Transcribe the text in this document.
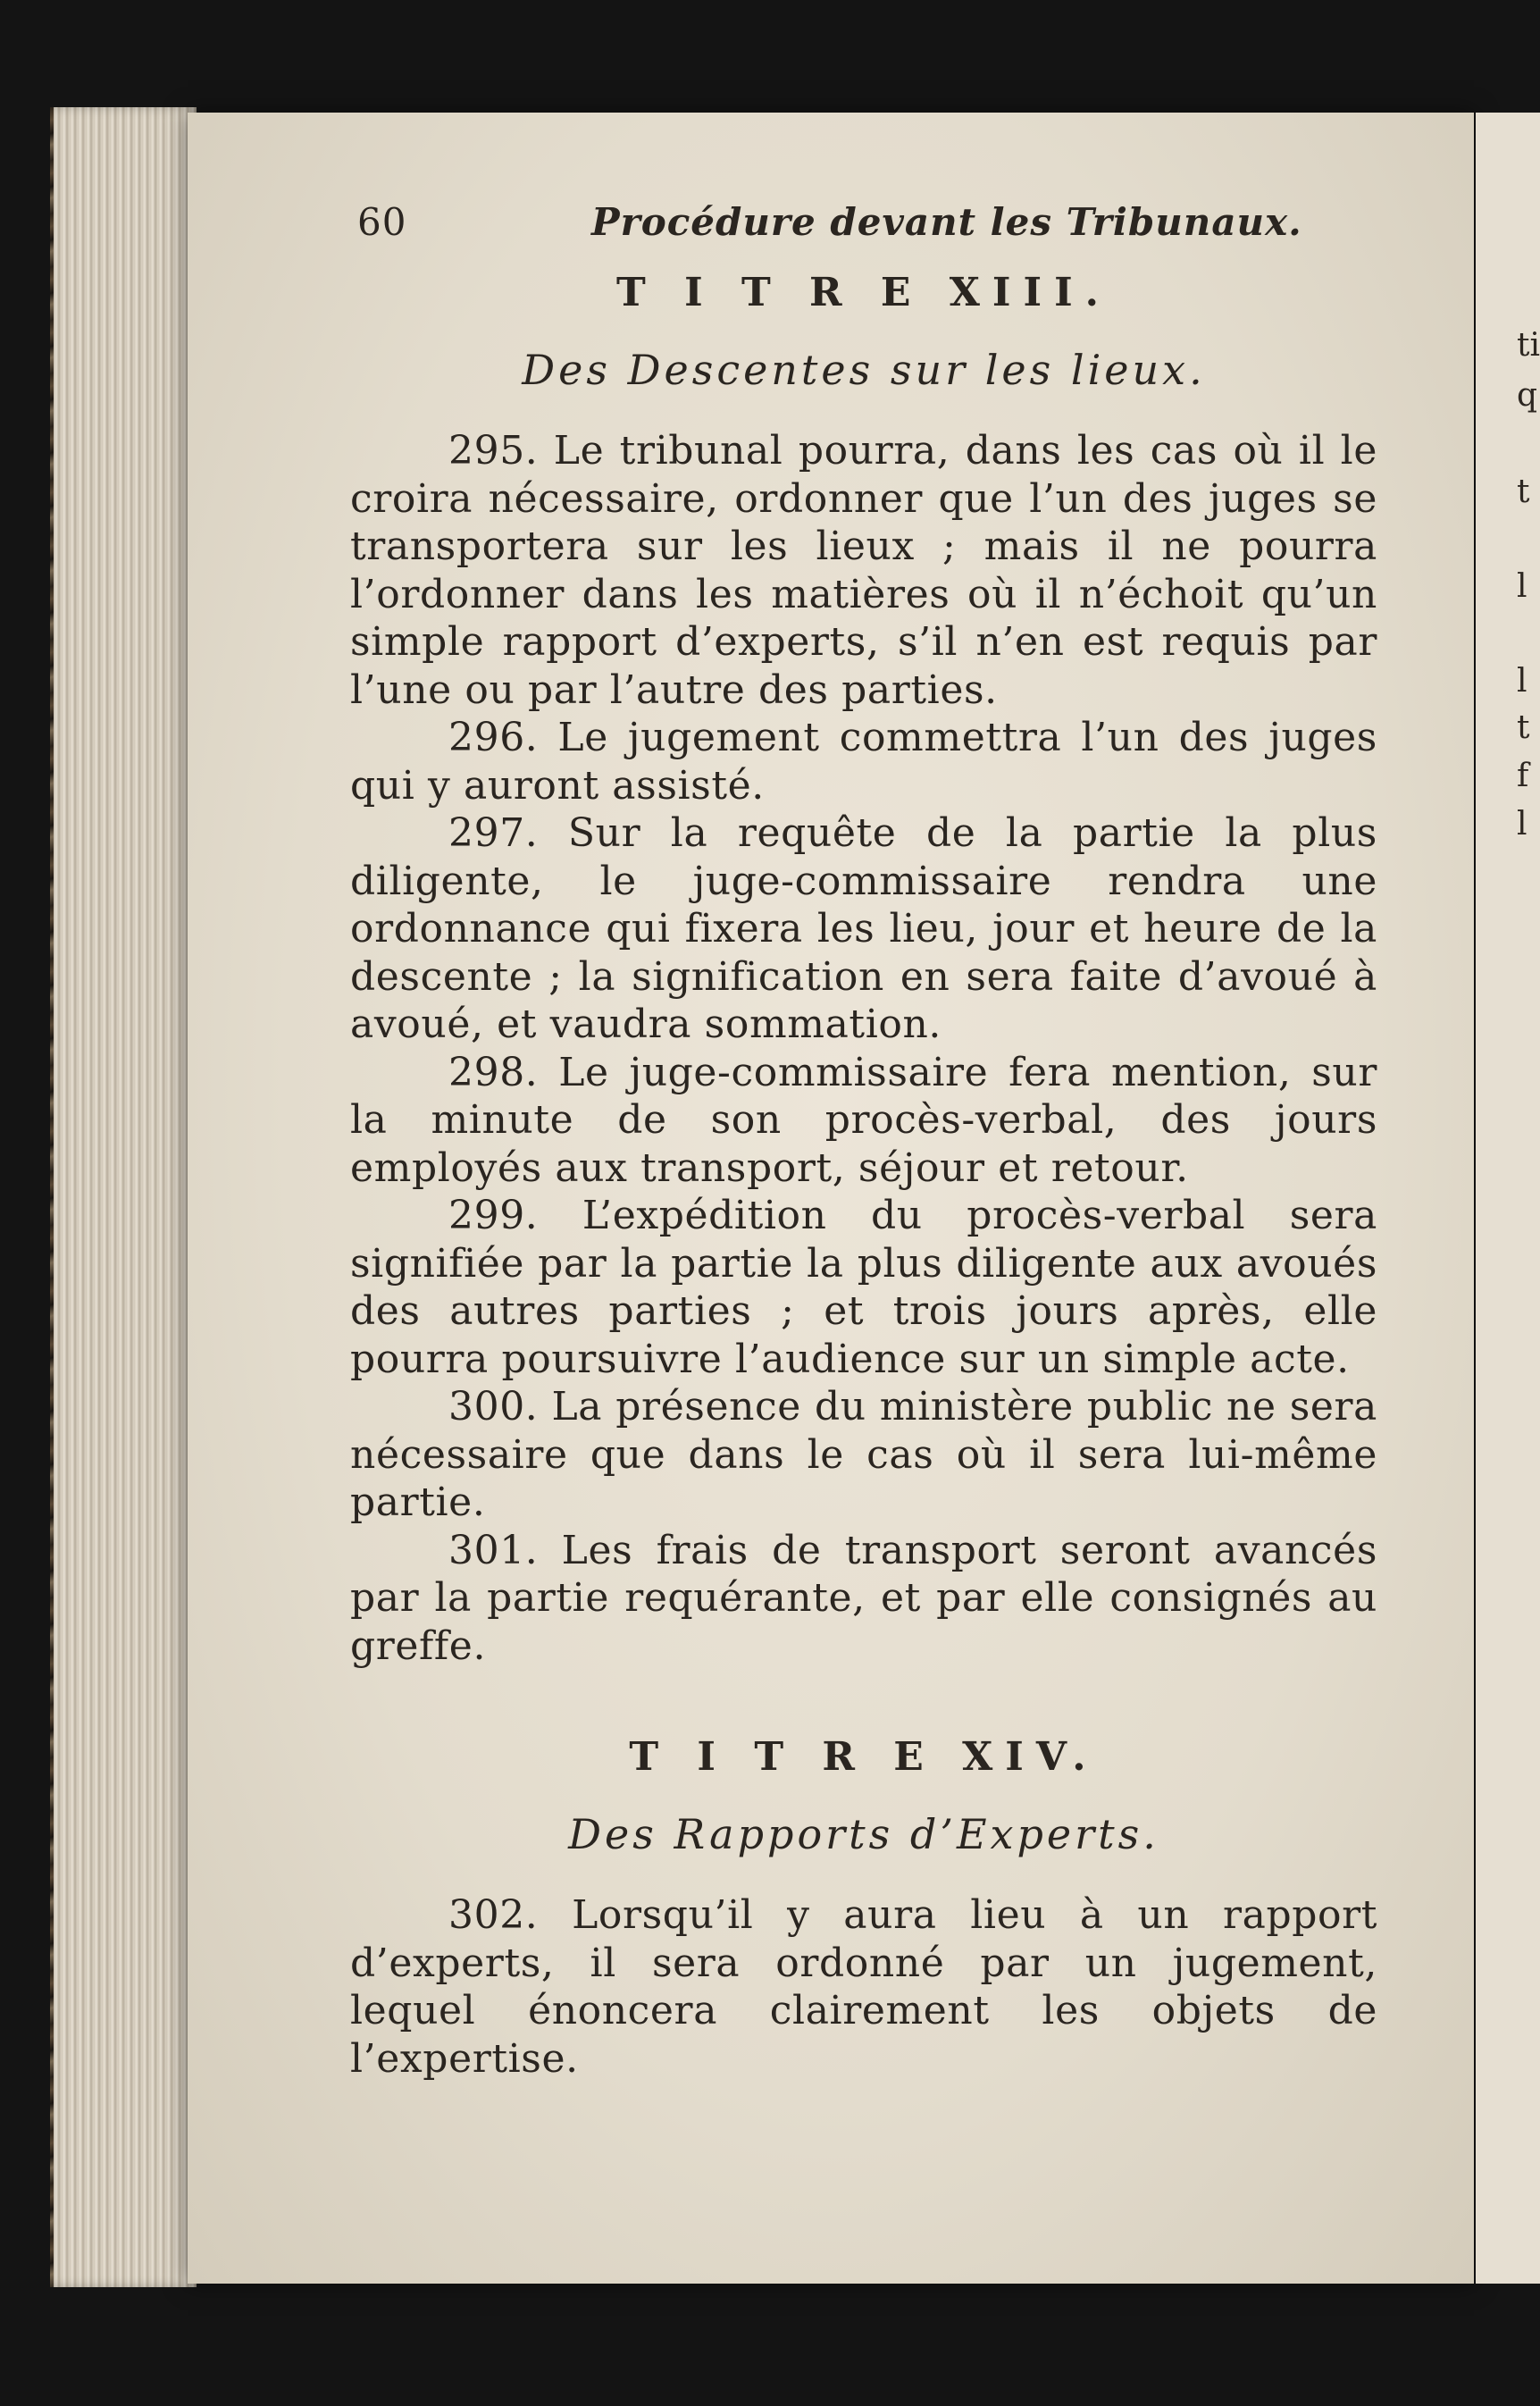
ti
q
t
l
l
t
f
l
60	Procédure devant les Tribunaux.
T I T R E XIII.
Des Descentes sur les lieux.

295. Le tribunal pourra, dans les cas où il le croira nécessaire, ordonner que l’un des juges se transportera sur les lieux ; mais il ne pourra l’ordonner dans les matières où il n’échoit qu’un simple rapport d’experts, s’il n’en est requis par l’une ou par l’autre des parties.

296. Le jugement commettra l’un des juges qui y auront assisté.

297. Sur la requête de la partie la plus diligente, le juge-commissaire rendra une ordonnance qui fixera les lieu, jour et heure de la descente ; la signification en sera faite d’avoué à avoué, et vaudra sommation.

298. Le juge-commissaire fera mention, sur la minute de son procès-verbal, des jours employés aux transport, séjour et retour.

299. L’expédition du procès-verbal sera signifiée par la partie la plus diligente aux avoués des autres parties ; et trois jours après, elle pourra poursuivre l’audience sur un simple acte.

300. La présence du ministère public ne sera nécessaire que dans le cas où il sera lui-même partie.

301. Les frais de transport seront avancés par la partie requérante, et par elle consignés au greffe.

T I T R E XIV.
Des Rapports d’Experts.

302. Lorsqu’il y aura lieu à un rapport d’experts, il sera ordonné par un jugement, lequel énoncera clairement les objets de l’expertise.
